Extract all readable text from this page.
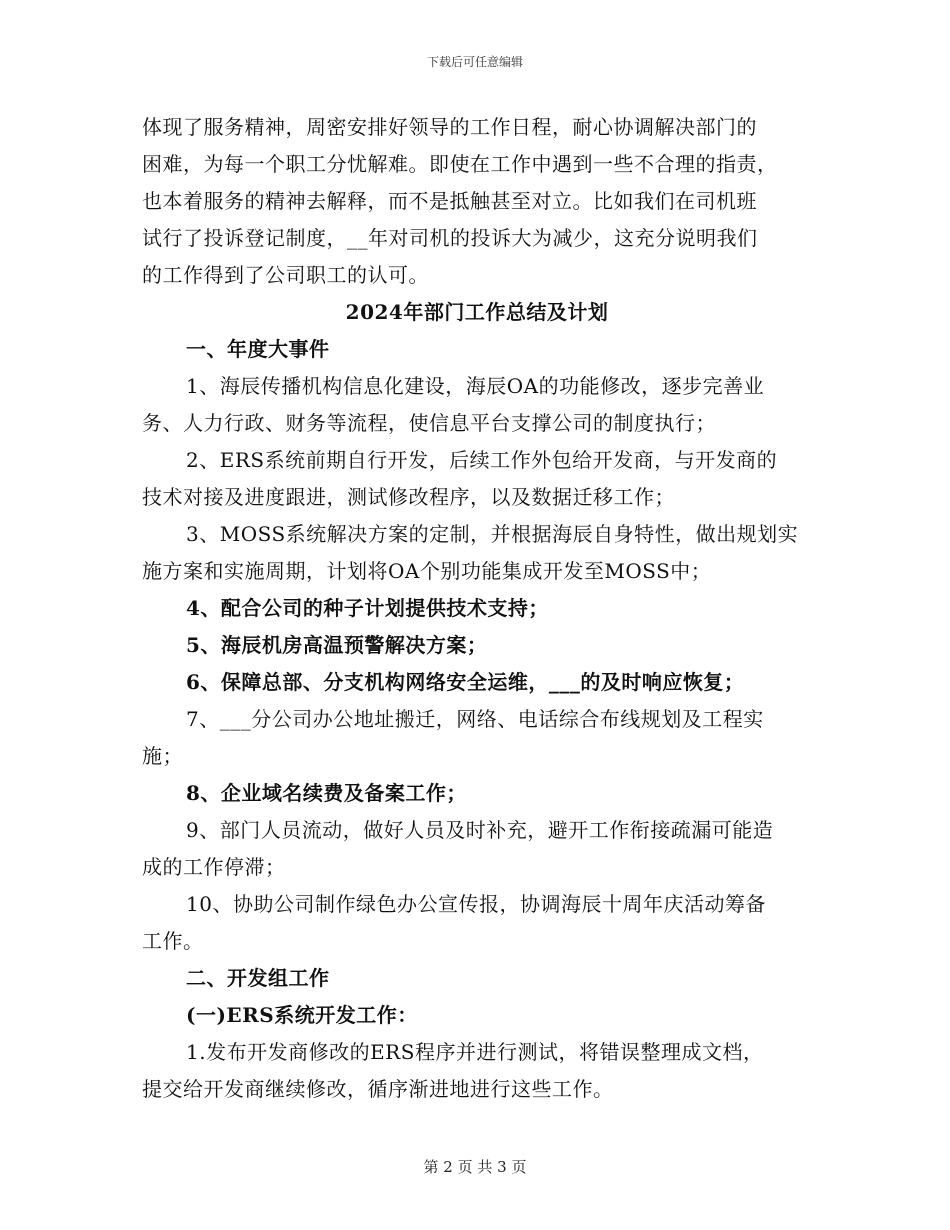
下载后可任意编辑
体现了服务精神，周密安排好领导的工作日程，耐心协调解决部门的
困难，为每一个职工分忧解难。即使在工作中遇到一些不合理的指责，
也本着服务的精神去解释，而不是抵触甚至对立。比如我们在司机班
试行了投诉登记制度，__年对司机的投诉大为减少，这充分说明我们
的工作得到了公司职工的认可。
2024年部门工作总结及计划
一、年度大事件
1、海辰传播机构信息化建设，海辰OA的功能修改，逐步完善业
务、人力行政、财务等流程，使信息平台支撑公司的制度执行；
2、ERS系统前期自行开发，后续工作外包给开发商，与开发商的
技术对接及进度跟进，测试修改程序，以及数据迁移工作；
3、MOSS系统解决方案的定制，并根据海辰自身特性，做出规划实
施方案和实施周期，计划将OA个别功能集成开发至MOSS中；
4、配合公司的种子计划提供技术支持；
5、海辰机房高温预警解决方案；
6、保障总部、分支机构网络安全运维，___的及时响应恢复；
7、___分公司办公地址搬迁，网络、电话综合布线规划及工程实
施；
8、企业域名续费及备案工作；
9、部门人员流动，做好人员及时补充，避开工作衔接疏漏可能造
成的工作停滞；
10、协助公司制作绿色办公宣传报，协调海辰十周年庆活动筹备
工作。
二、开发组工作
(一)ERS系统开发工作：
1.发布开发商修改的ERS程序并进行测试，将错误整理成文档，
提交给开发商继续修改，循序渐进地进行这些工作。
第 2 页 共 3 页
